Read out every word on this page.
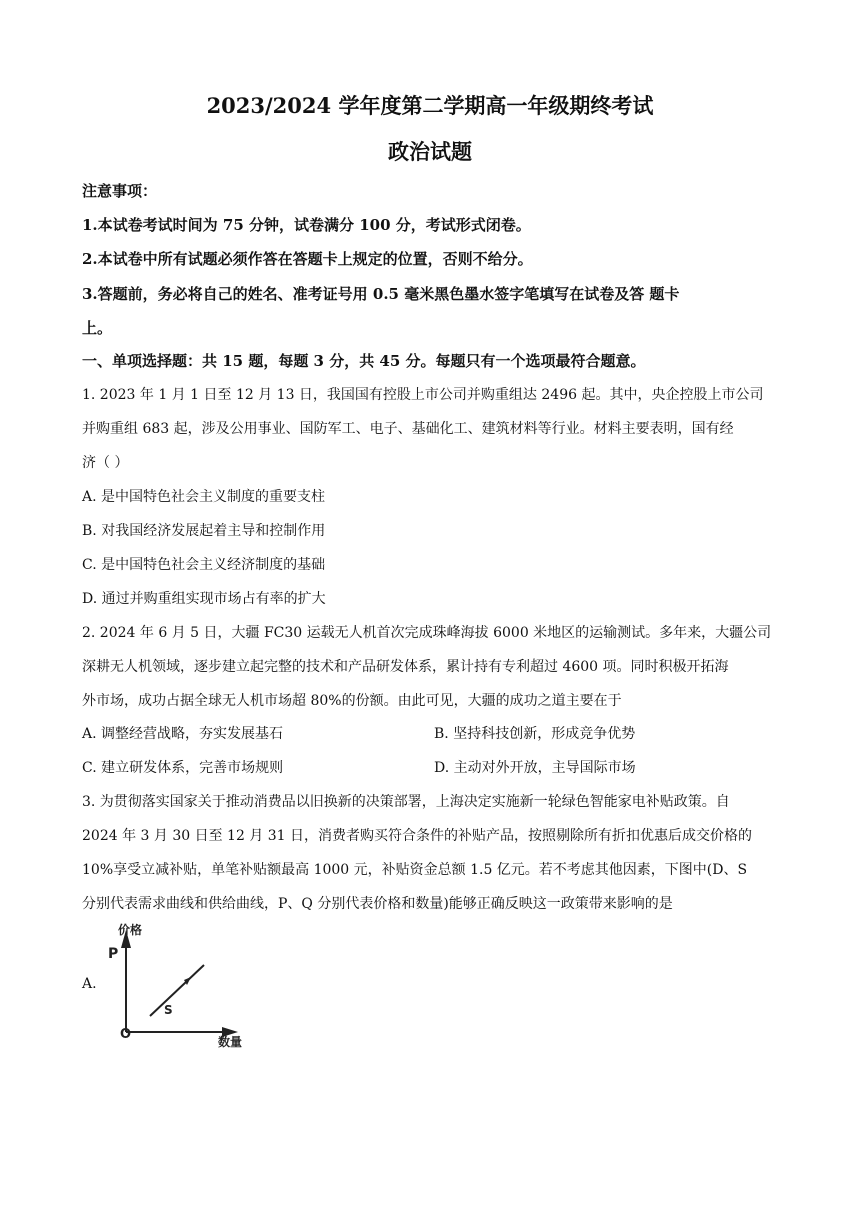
2023/2024 学年度第二学期高一年级期终考试
政治试题
注意事项：
1.本试卷考试时间为 75 分钟，试卷满分 100 分，考试形式闭卷。
2.本试卷中所有试题必须作答在答题卡上规定的位置，否则不给分。
3.答题前，务必将自己的姓名、准考证号用 0.5 毫米黑色墨水签字笔填写在试卷及答 题卡
上。
一、单项选择题：共 15 题，每题 3 分，共 45 分。每题只有一个选项最符合题意。
1. 2023 年 1 月 1 日至 12 月 13 日，我国国有控股上市公司并购重组达 2496 起。其中，央企控股上市公司
并购重组 683 起，涉及公用事业、国防军工、电子、基础化工、建筑材料等行业。材料主要表明，国有经
济（ ）
A. 是中国特色社会主义制度的重要支柱
B. 对我国经济发展起着主导和控制作用
C. 是中国特色社会主义经济制度的基础
D. 通过并购重组实现市场占有率的扩大
2. 2024 年 6 月 5 日，大疆 FC30 运载无人机首次完成珠峰海拔 6000 米地区的运输测试。多年来，大疆公司
深耕无人机领域，逐步建立起完整的技术和产品研发体系，累计持有专利超过 4600 项。同时积极开拓海
外市场，成功占据全球无人机市场超 80%的份额。由此可见，大疆的成功之道主要在于
A. 调整经营战略，夯实发展基石	B. 坚持科技创新，形成竞争优势
C. 建立研发体系，完善市场规则	D. 主动对外开放，主导国际市场
3. 为贯彻落实国家关于推动消费品以旧换新的决策部署，上海决定实施新一轮绿色智能家电补贴政策。自
2024 年 3 月 30 日至 12 月 31 日，消费者购买符合条件的补贴产品，按照剔除所有折扣优惠后成交价格的
10%享受立减补贴，单笔补贴额最高 1000 元，补贴资金总额 1.5 亿元。若不考虑其他因素，下图中(D、S
分别代表需求曲线和供给曲线，P、Q 分别代表价格和数量)能够正确反映这一政策带来影响的是
A.
价格
P
O
S
数量
